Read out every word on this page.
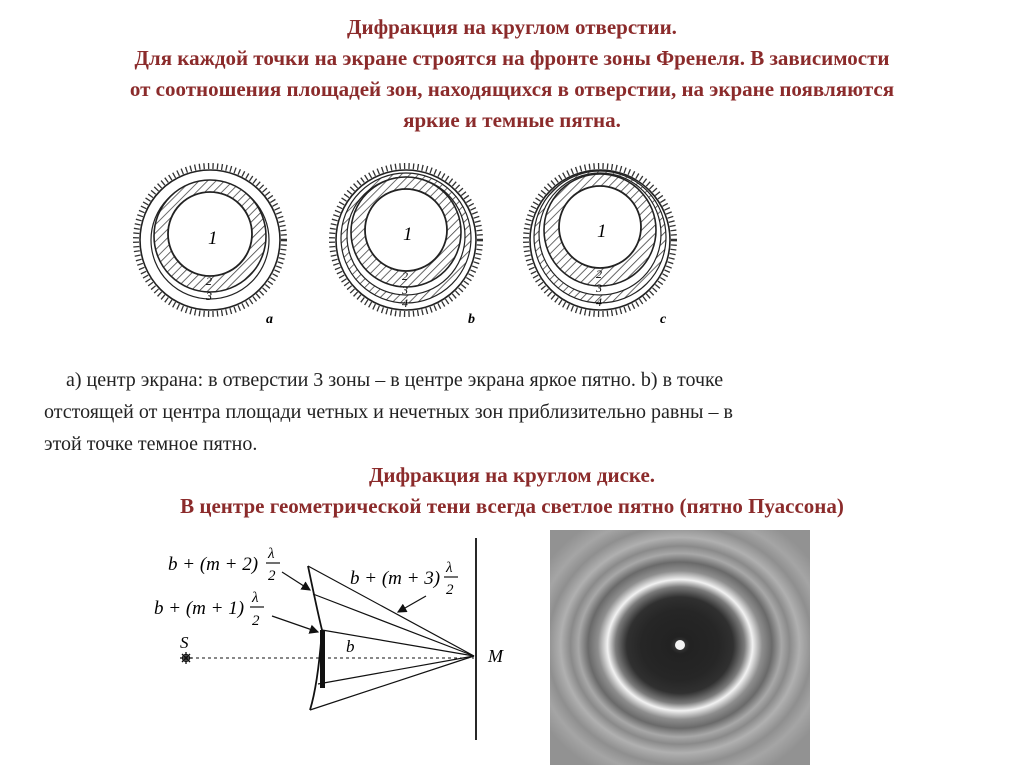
Дифракция на круглом отверстии.
Для каждой точки на экране строятся на фронте зоны Френеля. В зависимости
от соотношения площадей зон, находящихся в отверстии, на экране появляются
яркие и темные пятна.
1
2
3
a
1
2
3
4
b
1
2
3
4
c
а) центр экрана: в отверстии 3 зоны – в центре экрана яркое пятно. b) в точке
отстоящей от центра площади четных и нечетных зон приблизительно равны – в
этой точке темное пятно.
Дифракция на круглом диске.
В центре геометрической тени всегда светлое пятно (пятно Пуассона)
b + (m + 2) λ
2
b + (m + 1) λ
2
b + (m + 3) λ
2
S	b	M
